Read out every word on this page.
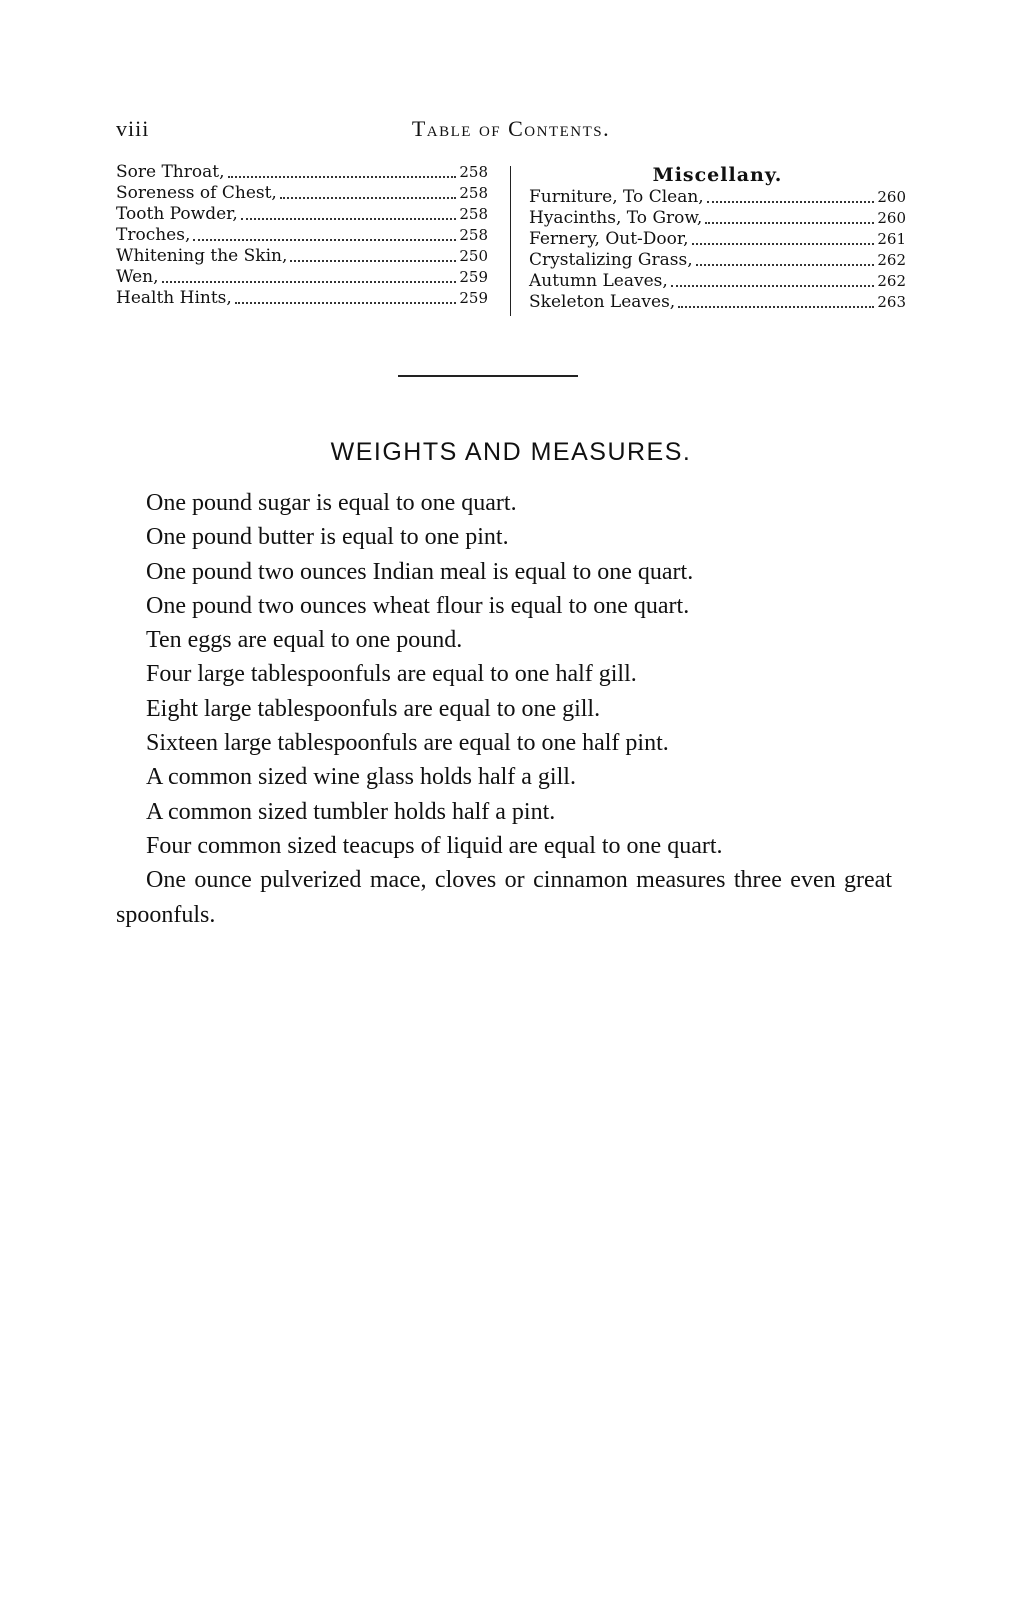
viii	Table of Contents.
Sore Throat,	258
Soreness of Chest,	258
Tooth Powder,	258
Troches,	258
Whitening the Skin,	250
Wen,	259
Health Hints,	259
Miscellany.
Furniture, To Clean,	260
Hyacinths, To Grow,	260
Fernery, Out-Door,	261
Crystalizing Grass,	262
Autumn Leaves,	262
Skeleton Leaves,	263
WEIGHTS AND MEASURES.

One pound sugar is equal to one quart.

One pound butter is equal to one pint.

One pound two ounces Indian meal is equal to one quart.

One pound two ounces wheat flour is equal to one quart.

Ten eggs are equal to one pound.

Four large tablespoonfuls are equal to one half gill.

Eight large tablespoonfuls are equal to one gill.

Sixteen large tablespoonfuls are equal to one half pint.

A common sized wine glass holds half a gill.

A common sized tumbler holds half a pint.

Four common sized teacups of liquid are equal to one quart.

One ounce pulverized mace, cloves or cinnamon measures three even great spoonfuls.
